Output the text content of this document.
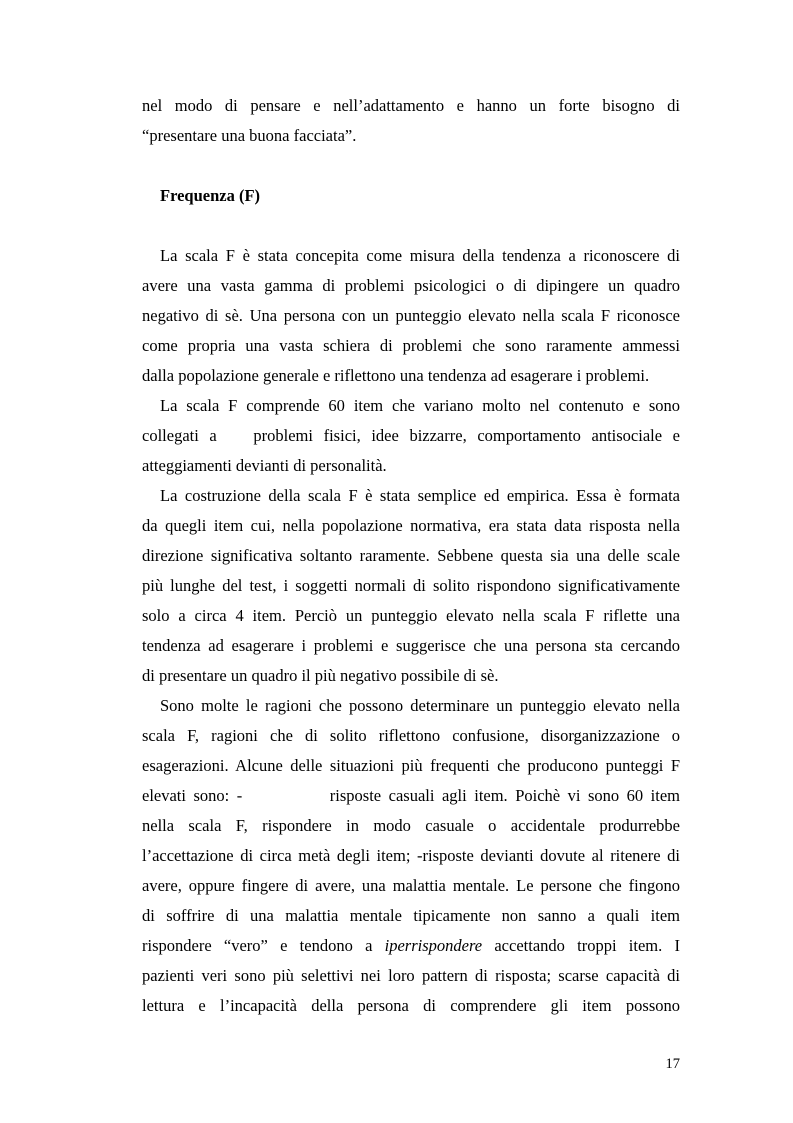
nel modo di pensare e nell’adattamento e hanno un forte bisogno di
“presentare una buona facciata”.
Frequenza (F)
La scala F è stata concepita come misura della tendenza a riconoscere di
avere una vasta gamma di problemi psicologici o di dipingere un quadro
negativo di sè. Una persona con un punteggio elevato nella scala F riconosce
come propria una vasta schiera di problemi che sono raramente ammessi
dalla popolazione generale e riflettono una tendenza ad esagerare i problemi.
La scala F comprende 60 item che variano molto nel contenuto e sono
collegati a problemi fisici, idee bizzarre, comportamento antisociale e
atteggiamenti devianti di personalità.
La costruzione della scala F è stata semplice ed empirica. Essa è formata
da quegli item cui, nella popolazione normativa, era stata data risposta nella
direzione significativa soltanto raramente. Sebbene questa sia una delle scale
più lunghe del test, i soggetti normali di solito rispondono significativamente
solo a circa 4 item. Perciò un punteggio elevato nella scala F riflette una
tendenza ad esagerare i problemi e suggerisce che una persona sta cercando
di presentare un quadro il più negativo possibile di sè.
Sono molte le ragioni che possono determinare un punteggio elevato nella
scala F, ragioni che di solito riflettono confusione, disorganizzazione o
esagerazioni. Alcune delle situazioni più frequenti che producono punteggi F
elevati sono: -	risposte casuali agli item. Poichè vi sono 60 item
nella scala F, rispondere in modo casuale o accidentale produrrebbe
l’accettazione di circa metà degli item; -risposte devianti dovute al ritenere di
avere, oppure fingere di avere, una malattia mentale. Le persone che fingono
di soffrire di una malattia mentale tipicamente non sanno a quali item
rispondere “vero” e tendono a iperrispondere accettando troppi item. I
pazienti veri sono più selettivi nei loro pattern di risposta; scarse capacità di
lettura e l’incapacità della persona di comprendere gli item possono
17
